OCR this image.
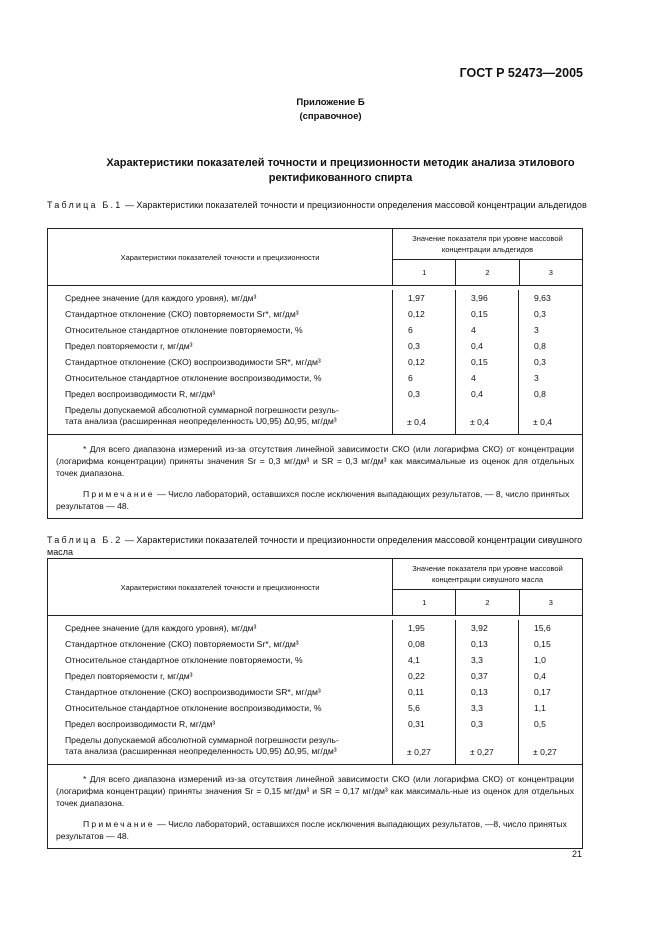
ГОСТ Р 52473—2005
Приложение Б
(справочное)
Характеристики показателей точности и прецизионности методик анализа этилового ректификованного спирта
Таблица Б.1 — Характеристики показателей точности и прецизионности определения массовой концентрации альдегидов
Характеристики показателей точности и прецизионности
Значение показателя при уровне массовой концентрации альдегидов
1	2	3
Среднее значение (для каждого уровня), мг/дм³	1,97	3,96	9,63
Стандартное отклонение (СКО) повторяемости Sr*, мг/дм³	0,12	0,15	0,3
Относительное стандартное отклонение повторяемости, %	6	4	3
Предел повторяемости r, мг/дм³	0,3	0,4	0,8
Стандартное отклонение (СКО) воспроизводимости SR*, мг/дм³	0,12	0,15	0,3
Относительное стандартное отклонение воспроизводимости, %	6	4	3
Предел воспроизводимости R, мг/дм³	0,3	0,4	0,8
Пределы допускаемой абсолютной суммарной погрешности резуль-
тата анализа (расширенная неопределенность U0,95) Δ0,95, мг/дм³	± 0,4	± 0,4	± 0,4

* Для всего диапазона измерений из-за отсутствия линейной зависимости СКО (или логарифма СКО) от концентрации (логарифма концентрации) приняты значения Sr = 0,3 мг/дм³ и SR = 0,3 мг/дм³ как максимальные из оценок для отдельных точек диапазона.

Примечание — Число лабораторий, оставшихся после исключения выпадающих результатов, — 8, число принятых результатов — 48.

Таблица Б.2 — Характеристики показателей точности и прецизионности определения массовой концентрации сивушного масла
Характеристики показателей точности и прецизионности
Значение показателя при уровне массовой концентрации сивушного масла
1	2	3
Среднее значение (для каждого уровня), мг/дм³	1,95	3,92	15,6
Стандартное отклонение (СКО) повторяемости Sr*, мг/дм³	0,08	0,13	0,15
Относительное стандартное отклонение повторяемости, %	4,1	3,3	1,0
Предел повторяемости r, мг/дм³	0,22	0,37	0,4
Стандартное отклонение (СКО) воспроизводимости SR*, мг/дм³	0,11	0,13	0,17
Относительное стандартное отклонение воспроизводимости, %	5,6	3,3	1,1
Предел воспроизводимости R, мг/дм³	0,31	0,3	0,5
Пределы допускаемой абсолютной суммарной погрешности резуль-
тата анализа (расширенная неопределенность U0,95) Δ0,95, мг/дм³	± 0,27	± 0,27	± 0,27

* Для всего диапазона измерений из-за отсутствия линейной зависимости СКО (или логарифма СКО) от концентрации (логарифма концентрации) приняты значения Sr = 0,15 мг/дм³ и SR = 0,17 мг/дм³ как максималь-ные из оценок для отдельных точек диапазона.

Примечание — Число лабораторий, оставшихся после исключения выпадающих результатов, —8, число принятых результатов — 48.

21
